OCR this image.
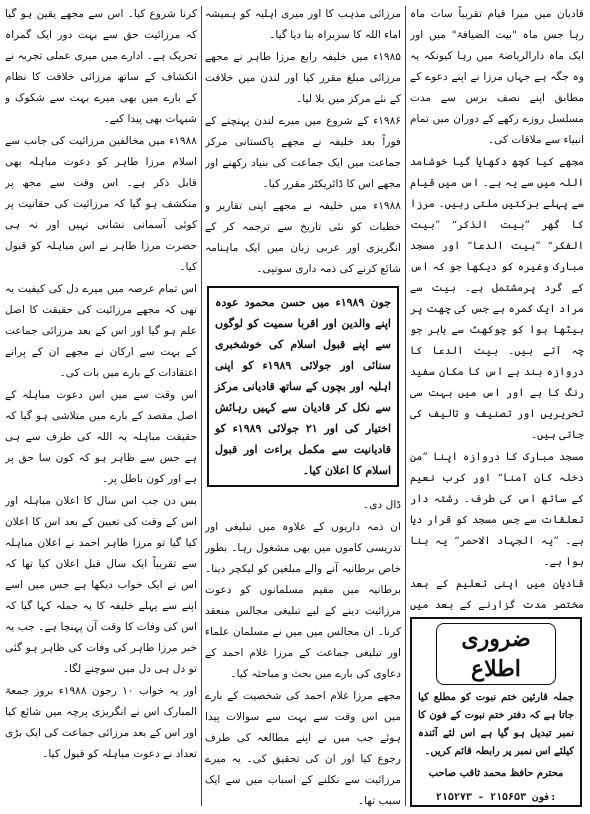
قادیان میں میرا قیام تقریباً سات ماہ رہا جس ماہ "بیت الضیافۃ" میں اور ایک ماہ دارالریاضۃ میں رہا کیونکہ یہ وہ جگہ ہے جہاں مرزا نے اپنے دعوے کے مطابق اپنے نصف برس سے مدت مسلسل روزے رکھے کے دوران میں تمام انبیاء سے ملاقات کی۔

مجھے کیا کچھ دکھایا گیا خوشامد اللہ میں سے یہ ہے۔ اس میں قیام سے پہلے برکتیں ملتی رہیں۔ مرزا کا گھر ”بیت الذکر“ ”بیت الفکر“ ”بیت الدعا“ اور مسجد مبارک وغیرہ کو دیکھا جو کہ اس کے گرد پرمشتمل ہے۔ بیت سے مراد ایک کمرہ ہے جس کی چھت پر بیٹھا ہوا کو چوکھٹ سے باہر جو چہ آتے ہیں۔ بیت الدعا کا دروازہ بند ہے اس کا مکان سفید رنگ کا ہے اور اس میں بہت سی تحریریں اور تصنیف و تالیف کی جاتی ہیں۔

مسجد مبارک کا دروازہ اپنا ”من دخلہ کان آمنا“ اور کرب نعیم کے ساتھ اس کی طرف۔ رشتہ دار تعلقات سے جس مسجد کو قرار دیا ہے۔ ”یہ الجہاد الاحمر“ یہ بنا ہوا ہے۔

قادیان میں اپنی تعلیم کے بعد مختصر مدت گزارنے کے بعد میں

مرزائی مذہب کا اور میری اہلیہ کو ہمیشہ اماء اللہ کا سربراہ بنا دیا گیا۔

۱۹۸۵ء میں خلیفہ رابع مرزا طاہر نے مجھے مرزائی مبلغ مقرر کیا اور لندن میں خلافت کے نئے مرکز میں بلا لیا۔

۱۹۸۶ء کے شروع میں میرے لندن پہنچنے کے فوراً بعد خلیفہ نے مجھے پاکستانی مرکز جماعت میں ایک جماعت کی بنیاد رکھنے اور مجھے اس کا ڈائریکٹر مقرر کیا۔

۱۹۸۸ء میں خلیفہ نے مجھے اپنی تقاریر و خطبات کو نئی تاریخ سے ترجمہ کر کے انگریزی اور عربی زبان میں ایک ماہنامہ شائع کرنے کی ذمہ داری سونپی۔

جون ۱۹۸۹ء میں حسن محمود عودہ اپنے والدین اور اقربا سمیت کو لوگوں سے اپنے قبول اسلام کی خوشخبری سنائی اور جولائی ۱۹۸۹ء کو اپنی اہلیہ اور بچوں کے ساتھ قادیانی مرکز سے نکل کر قادیان سے کہیں رہائش اختیار کی اور ۲۱ جولائی ۱۹۸۹ء کو قادیانیت سے مکمل براءت اور قبول اسلام کا اعلان کیا۔

ڈال دی۔

ان ذمہ داریوں کے علاوہ میں تبلیغی اور تدریسی کاموں میں بھی مشغول رہا۔ بطور خاص برطانیہ آنے والے مبلغین کو لیکچر دینا۔ برطانیہ میں مقیم مسلمانوں کو دعوت مرزائیت دینے کے لیے تبلیغی مجالس منعقد کرنا۔ ان مجالس میں میں نے مسلمان علماء اور تبلیغی جماعت کے مرزا غلام احمد کے دعاوی کی بارے میں بحث و مباحثہ کیا۔

مجھے مرزا غلام احمد کی شخصیت کے بارے میں اس وقت سے بہت سے سوالات پیدا ہوئے جب میں نے اپنے مطالعہ کی طرف رجوع کیا اور ان کی تحقیق کی۔ یہ میرے مرزائیت سے نکلنے کے اسباب میں سے ایک سبب تھا۔

کرنا شروع کیا۔ اس سے مجھے یقین ہو گیا کہ مرزائیت حق سے بہت دور ایک گمراہ تحریک ہے۔ ادارے میں میری عملی تجربہ نے انکشاف کے ساتھ مرزائی خلافت کا نظام کے بارے میں بھی میرے بہت سے شکوک و شبہات بھی پیدا کیے۔

۱۹۸۸ء میں مخالفین مرزائیت کی جانب سے اسلام مرزا طاہر کو دعوت مباہلہ بھی قابل ذکر ہے۔ اس وقت سے مجھ پر منکشف ہو گیا کہ مرزائیت کی حقانیت پر کوئی آسمانی نشانی نہیں اور نہ ہی حضرت مرزا طاہر نے اس مباہلہ کو قبول کیا۔

اس تمام عرصہ میں میرے دل کی کیفیت یہ تھی کہ مجھے مرزائیت کی حقیقت کا اصل علم ہو گیا اور اس کے بعد مرزائی جماعت کے بہت سے ارکان نے مجھے ان کے پرانے اعتقادات کے بارے میں بات کی۔

اس وقت سے میں اس دعوت مباہلہ کے اصل مقصد کے بارے میں متلاشی ہو گیا کہ حقیقت مباہلہ یہ اللہ کی طرف سے ہی ہے جس سے ظاہر ہو کہ کون سا حق پر ہے اور کون باطل پر۔

بس دن جب اس سال کا اعلان مباہلہ اور اس کے وقت کی تعیین کے بعد اس کا اعلان کیا گیا تو مرزا طاہر احمد نے اعلان مباہلہ سے تقریباً ایک سال قبل اعلان کیا تھا کہ اس نے ایک خواب دیکھا ہے جس میں اسے اپنے سے پہلے خلیفہ کا یہ جملہ کہا گیا کہ اس کی وفات کا وقت آن پہنچا ہے۔ جب یہ خبر مرزا طاہر کی وفات کی ظاہر ہو گئی تو دل ہی دل میں سوچنے لگا۔

اور یہ خواب ۱۰ رجون ۱۹۸۸ء بروز جمعۃ المبارک اس نے انگریزی پرچہ میں شائع کیا اور اس کے بعد مرزائی جماعت کی ایک بڑی تعداد نے دعوت مباہلہ کو قبول کیا۔

ضروری اطلاع
جملہ قارئین ختم نبوت کو مطلع کیا جاتا ہے کہ دفتر ختم نبوت کے فون کا نمبر تبدیل ہو گیا ہے اس لئے آئندہ کیلئے اس نمبر پر رابطہ قائم کریں۔
محترم حافظ محمد ثاقب صاحب
۲۱۵۲۷۳ - ۲۱۵۶۵۳ فون:
